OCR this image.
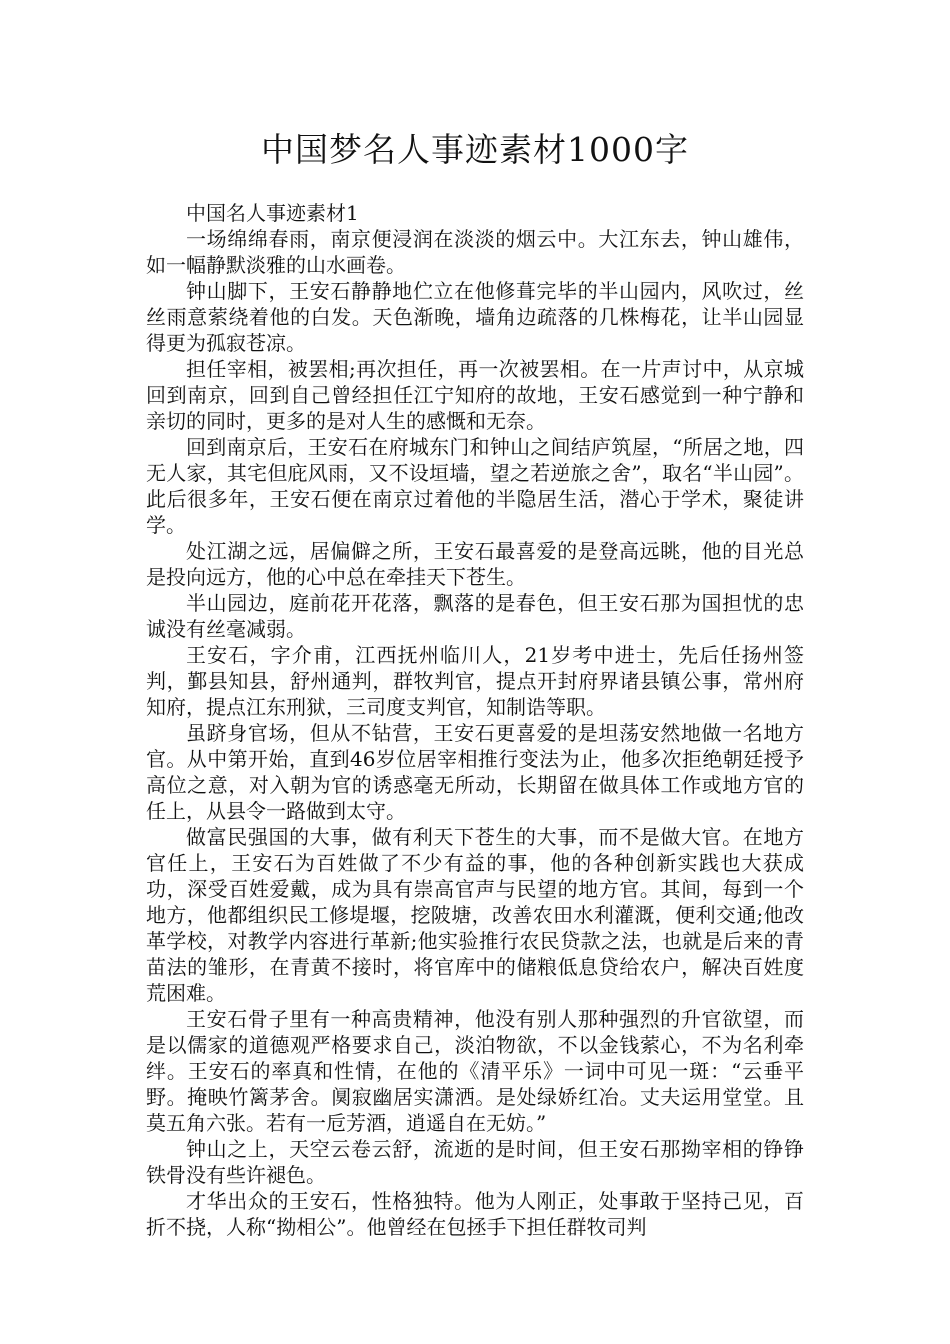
中国梦名人事迹素材1000字

中国名人事迹素材1

一场绵绵春雨，南京便浸润在淡淡的烟云中。大江东去，钟山雄伟，如一幅静默淡雅的山水画卷。

钟山脚下，王安石静静地伫立在他修葺完毕的半山园内，风吹过，丝丝雨意萦绕着他的白发。天色渐晚，墙角边疏落的几株梅花，让半山园显得更为孤寂苍凉。

担任宰相，被罢相;再次担任，再一次被罢相。在一片声讨中，从京城回到南京，回到自己曾经担任江宁知府的故地，王安石感觉到一种宁静和亲切的同时，更多的是对人生的感慨和无奈。

回到南京后，王安石在府城东门和钟山之间结庐筑屋，“所居之地，四无人家，其宅但庇风雨，又不设垣墙，望之若逆旅之舍”，取名“半山园”。此后很多年，王安石便在南京过着他的半隐居生活，潜心于学术，聚徒讲学。

处江湖之远，居偏僻之所，王安石最喜爱的是登高远眺，他的目光总是投向远方，他的心中总在牵挂天下苍生。

半山园边，庭前花开花落，飘落的是春色，但王安石那为国担忧的忠诚没有丝毫减弱。

王安石，字介甫，江西抚州临川人，21岁考中进士，先后任扬州签判，鄞县知县，舒州通判，群牧判官，提点开封府界诸县镇公事，常州府知府，提点江东刑狱，三司度支判官，知制诰等职。

虽跻身官场，但从不钻营，王安石更喜爱的是坦荡安然地做一名地方官。从中第开始，直到46岁位居宰相推行变法为止，他多次拒绝朝廷授予高位之意，对入朝为官的诱惑毫无所动，长期留在做具体工作或地方官的任上，从县令一路做到太守。

做富民强国的大事，做有利天下苍生的大事，而不是做大官。在地方官任上，王安石为百姓做了不少有益的事，他的各种创新实践也大获成功，深受百姓爱戴，成为具有崇高官声与民望的地方官。其间，每到一个地方，他都组织民工修堤堰，挖陂塘，改善农田水利灌溉，便利交通;他改革学校，对教学内容进行革新;他实验推行农民贷款之法，也就是后来的青苗法的雏形，在青黄不接时，将官库中的储粮低息贷给农户，解决百姓度荒困难。

王安石骨子里有一种高贵精神，他没有别人那种强烈的升官欲望，而是以儒家的道德观严格要求自己，淡泊物欲，不以金钱萦心，不为名利牵绊。王安石的率真和性情，在他的《清平乐》一词中可见一斑：“云垂平野。掩映竹篱茅舍。阒寂幽居实潇洒。是处绿娇红冶。丈夫运用堂堂。且莫五角六张。若有一卮芳酒，逍遥自在无妨。”

钟山之上，天空云卷云舒，流逝的是时间，但王安石那拗宰相的铮铮铁骨没有些许褪色。

才华出众的王安石，性格独特。他为人刚正，处事敢于坚持己见，百折不挠，人称“拗相公”。他曾经在包拯手下担任群牧司判
